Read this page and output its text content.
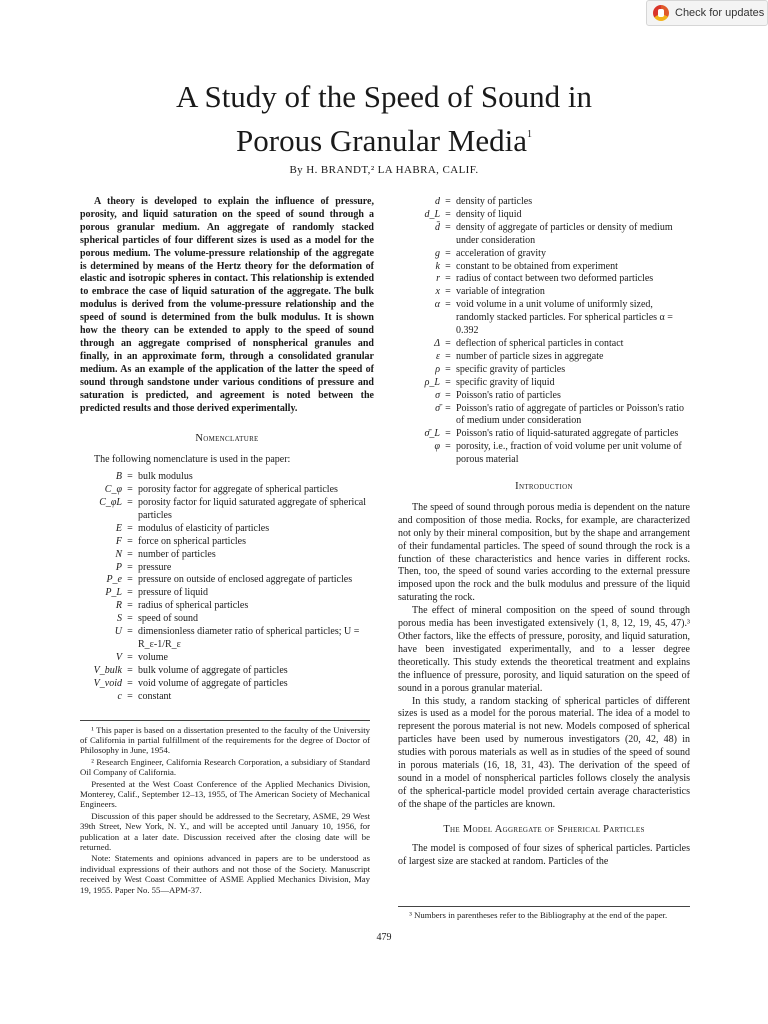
Check for updates
A Study of the Speed of Sound in
Porous Granular Media$^1$
By H. BRANDT,² LA HABRA, CALIF.

A theory is developed to explain the influence of pressure, porosity, and liquid saturation on the speed of sound through a porous granular medium. An aggregate of randomly stacked spherical particles of four different sizes is used as a model for the porous medium. The volume-pressure relationship of the aggregate is determined by means of the Hertz theory for the deformation of elastic and isotropic spheres in contact. This relationship is extended to embrace the case of liquid saturation of the aggregate. The bulk modulus is derived from the volume-pressure relationship and the speed of sound is determined from the bulk modulus. It is shown how the theory can be extended to apply to the speed of sound through an aggregate comprised of nonspherical granules and finally, in an approximate form, through a consolidated granular medium. As an example of the application of the latter the speed of sound through sandstone under various conditions of pressure and saturation is predicted, and agreement is noted between the predicted results and those derived experimentally.

Nomenclature

The following nomenclature is used in the paper:

B = bulk modulus
C_φ = porosity factor for aggregate of spherical particles
C_φL = porosity factor for liquid saturated aggregate of spherical particles
E = modulus of elasticity of particles
F = force on spherical particles
N = number of particles
P = pressure
P_e = pressure on outside of enclosed aggregate of particles
P_L = pressure of liquid
R = radius of spherical particles
S = speed of sound
U = dimensionless diameter ratio of spherical particles; U = R_ε-1/R_ε
V = volume
V_bulk = bulk volume of aggregate of particles
V_void = void volume of aggregate of particles
c = constant

¹ This paper is based on a dissertation presented to the faculty of the University of California in partial fulfillment of the requirements for the degree of Doctor of Philosophy in June, 1954.

² Research Engineer, California Research Corporation, a subsidiary of Standard Oil Company of California.

Presented at the West Coast Conference of the Applied Mechanics Division, Monterey, Calif., September 12–13, 1955, of The American Society of Mechanical Engineers.

Discussion of this paper should be addressed to the Secretary, ASME, 29 West 39th Street, New York, N. Y., and will be accepted until January 10, 1956, for publication at a later date. Discussion received after the closing date will be returned.

Note: Statements and opinions advanced in papers are to be understood as individual expressions of their authors and not those of the Society. Manuscript received by West Coast Committee of ASME Applied Mechanics Division, May 19, 1955. Paper No. 55—APM-37.

d = density of particles
d_L = density of liquid
d̄ = density of aggregate of particles or density of medium under consideration
g = acceleration of gravity
k = constant to be obtained from experiment
r = radius of contact between two deformed particles
x = variable of integration
α = void volume in a unit volume of uniformly sized, randomly stacked particles. For spherical particles α = 0.392
Δ = deflection of spherical particles in contact
ε = number of particle sizes in aggregate
ρ = specific gravity of particles
ρ_L = specific gravity of liquid
σ = Poisson's ratio of particles
σ̄ = Poisson's ratio of aggregate of particles or Poisson's ratio of medium under consideration
σ̄_L = Poisson's ratio of liquid-saturated aggregate of particles
φ = porosity, i.e., fraction of void volume per unit volume of porous material
Introduction

The speed of sound through porous media is dependent on the nature and composition of those media. Rocks, for example, are characterized not only by their mineral composition, but by the shape and arrangement of their fundamental particles. The speed of sound through the rock is a function of these characteristics and hence varies in different rocks. Then, too, the speed of sound varies according to the external pressure imposed upon the rock and the bulk modulus and pressure of the liquid saturating the rock.

The effect of mineral composition on the speed of sound through porous media has been investigated extensively (1, 8, 12, 19, 45, 47).³ Other factors, like the effects of pressure, porosity, and liquid saturation, have been investigated experimentally, and to a lesser degree theoretically. This study extends the theoretical treatment and explains the influence of pressure, porosity, and liquid saturation on the speed of sound in a porous granular material.

In this study, a random stacking of spherical particles of different sizes is used as a model for the porous material. The idea of a model to represent the porous material is not new. Models composed of spherical particles have been used by numerous investigators (20, 42, 48) in studies with porous materials as well as in studies of the speed of sound in porous materials (16, 18, 31, 43). The derivation of the speed of sound in a model of nonspherical particles follows closely the analysis of the spherical-particle model provided certain average characteristics of the shape of the particles are known.

The Model Aggregate of Spherical Particles

The model is composed of four sizes of spherical particles. Particles of largest size are stacked at random. Particles of the

³ Numbers in parentheses refer to the Bibliography at the end of the paper.

479
